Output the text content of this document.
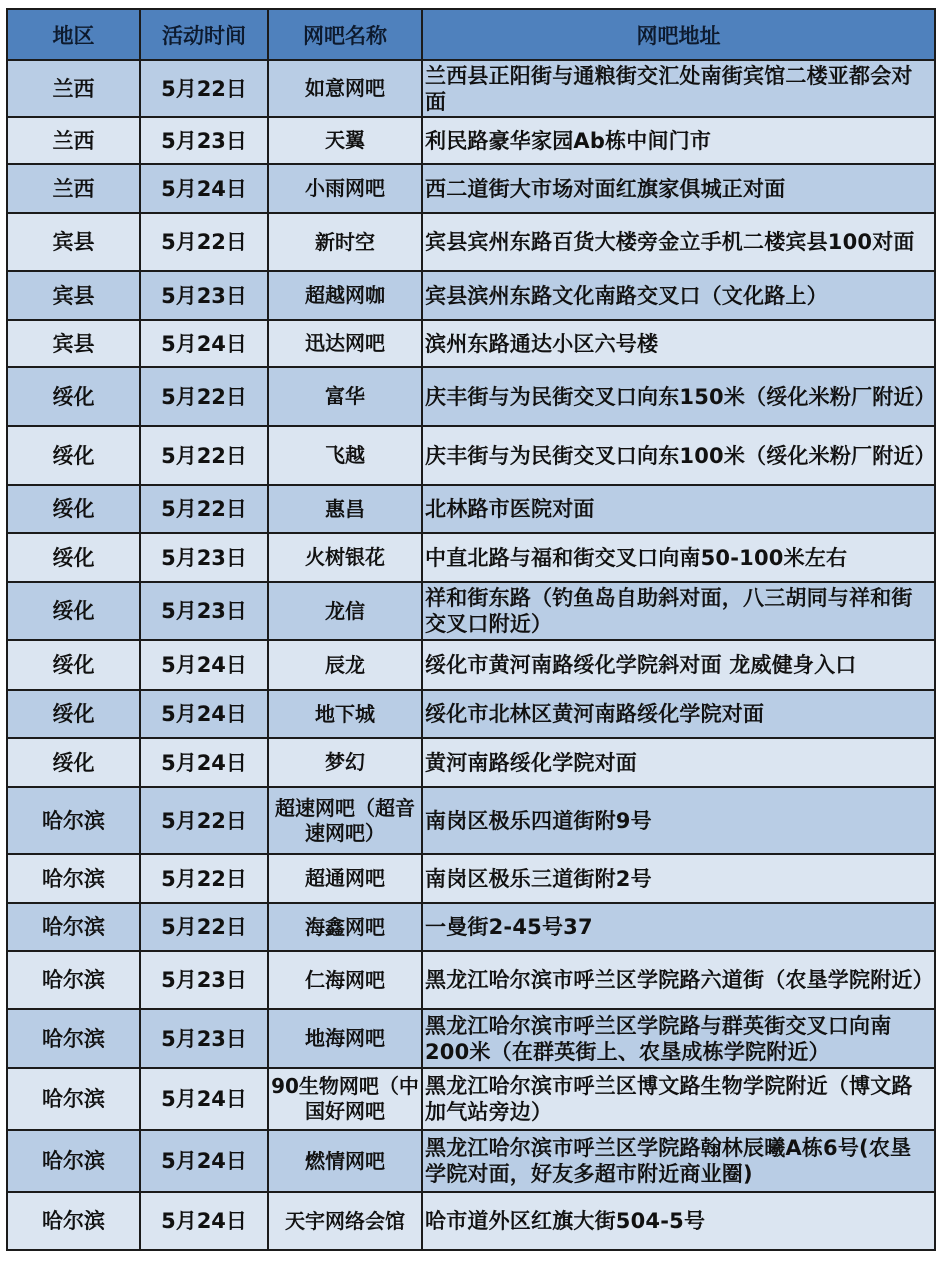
地区	活动时间	网吧名称	网吧地址
兰西	5月22日	如意网吧	兰西县正阳街与通粮街交汇处南街宾馆二楼亚都会对面
兰西	5月23日	天翼	利民路豪华家园Ab栋中间门市
兰西	5月24日	小雨网吧	西二道街大市场对面红旗家俱城正对面
宾县	5月22日	新时空	宾县宾州东路百货大楼旁金立手机二楼宾县100对面
宾县	5月23日	超越网咖	宾县滨州东路文化南路交叉口（文化路上）
宾县	5月24日	迅达网吧	滨州东路通达小区六号楼
绥化	5月22日	富华	庆丰街与为民街交叉口向东150米（绥化米粉厂附近）
绥化	5月22日	飞越	庆丰街与为民街交叉口向东100米（绥化米粉厂附近）
绥化	5月22日	惠昌	北林路市医院对面
绥化	5月23日	火树银花	中直北路与福和街交叉口向南50-100米左右
绥化	5月23日	龙信	祥和街东路（钓鱼岛自助斜对面，八三胡同与祥和街交叉口附近）
绥化	5月24日	辰龙	绥化市黄河南路绥化学院斜对面 龙威健身入口
绥化	5月24日	地下城	绥化市北林区黄河南路绥化学院对面
绥化	5月24日	梦幻	黄河南路绥化学院对面
哈尔滨	5月22日	超速网吧（超音速网吧）	南岗区极乐四道街附9号
哈尔滨	5月22日	超通网吧	南岗区极乐三道街附2号
哈尔滨	5月22日	海鑫网吧	一曼街2-45号37
哈尔滨	5月23日	仁海网吧	黑龙江哈尔滨市呼兰区学院路六道街（农垦学院附近）
哈尔滨	5月23日	地海网吧	黑龙江哈尔滨市呼兰区学院路与群英街交叉口向南200米（在群英街上、农垦成栋学院附近）
哈尔滨	5月24日	90生物网吧（中国好网吧	黑龙江哈尔滨市呼兰区博文路生物学院附近（博文路加气站旁边）
哈尔滨	5月24日	燃情网吧	黑龙江哈尔滨市呼兰区学院路翰林辰曦A栋6号(农垦学院对面，好友多超市附近商业圈)
哈尔滨	5月24日	天宇网络会馆	哈市道外区红旗大街504-5号
